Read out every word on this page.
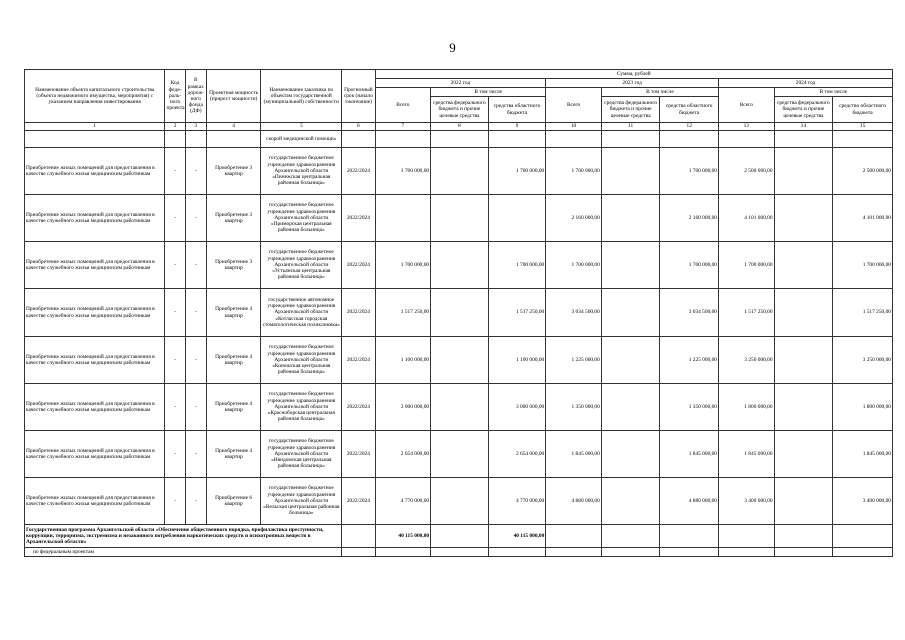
9
Наименование объекта капитального строительства (объекта недвижимого имущества, мероприятия) с указанием направления инвестирования	Код феде-раль-ного проекта	В рамках дорож-ного фонда (ДФ)	Проектная мощность (прирост мощности)	Наименование заказчика по объектам государственной (муниципальной) собственности	Прогнозный срок (начало /окончание)	Сумма, рублей								
						2022 год			2023 год			2024 год		
						Всего	В том числе		Всего	В том числе		Всего	В том числе	
							средства федерального бюджета и прочие целевые средства	средства областного бюджета		средства федерального бюджета и прочие целевые средства	средства областного бюджета		средства федерального бюджета и прочие целевые средства	средство областного бюджета
1	2	3	4	5	6	7	8	9	10	11	12	13	14	15
				скорой медицинской помощи»										
Приобретение жилых помещений для предоставления в качестве служебного жилья медицинским работникам	-	-	Приобретение 3 квартир	государственное бюджетное учреждение здравоохранения Архангельской области «Пинежская центральная районная больница»	2022/2024	1 700 000,00		1 700 000,00	1 700 000,00		1 700 000,00	2 500 000,00		2 500 000,00
Приобретение жилых помещений для предоставления в качестве служебного жилья медицинским работникам	-	-	Приобретение 3 квартир	государственное бюджетное учреждение здравоохранения Архангельской области «Приморская центральная районная больница»	2022/2024				2 160 000,00		2 160 000,00	4 101 000,00		4 101 000,00
Приобретение жилых помещений для предоставления в качестве служебного жилья медицинским работникам	-	-	Приобретение 3 квартир	государственное бюджетное учреждение здравоохранения Архангельской области «Устьянская центральная районная больница»	2022/2024	1 700 000,00		1 700 000,00	1 700 000,00		1 700 000,00	1 700 000,00		1 700 000,00
Приобретение жилых помещений для предоставления в качестве служебного жилья медицинским работникам	-	-	Приобретение 4 квартир	государственное автономное учреждение здравоохранения Архангельской области «Котласская городская стоматологическая поликлиника»	2022/2024	1 517 250,00		1 517 250,00	3 034 500,00		3 034 500,00	1 517 250,00		1 517 250,00
Приобретение жилых помещений для предоставления в качестве служебного жилья медицинским работникам	-	-	Приобретение 4 квартир	государственное бюджетное учреждение здравоохранения Архангельской области «Коношская центральная районная больница»	2022/2024	1 100 000,00		1 100 000,00	1 225 000,00		1 225 000,00	3 250 000,00		3 250 000,00
Приобретение жилых помещений для предоставления в качестве служебного жилья медицинским работникам	-	-	Приобретение 4 квартир	государственное бюджетное учреждение здравоохранения Архангельской области «Красноборская центральная районная больница»	2022/2024	3 000 000,00		3 000 000,00	1 350 000,00		1 350 000,00	1 800 000,00		1 800 000,00
Приобретение жилых помещений для предоставления в качестве служебного жилья медицинским работникам	-	-	Приобретение 4 квартир	государственное бюджетное учреждение здравоохранения Архангельской области «Няндомская центральная районная больница»	2022/2024	2 654 000,00		2 654 000,00	1 845 000,00		1 845 000,00	1 845 000,00		1 845 000,00
Приобретение жилых помещений для предоставления в качестве служебного жилья медицинским работникам	-	-	Приобретение 6 квартир	государственное бюджетное учреждение здравоохранения Архангельской области «Вельская центральная районная больница»	2022/2024	4 770 000,00		4 770 000,00	4 880 000,00		4 880 000,00	3 400 000,00		3 400 000,00
Государственная программа Архангельской области «Обеспечение общественного порядка, профилактика преступности, коррупции, терроризма, экстремизма и незаконного потребления наркотических средств и психотропных веществ в Архангельской области»						40 115 000,00		40 115 000,00						
по федеральным проектам														
